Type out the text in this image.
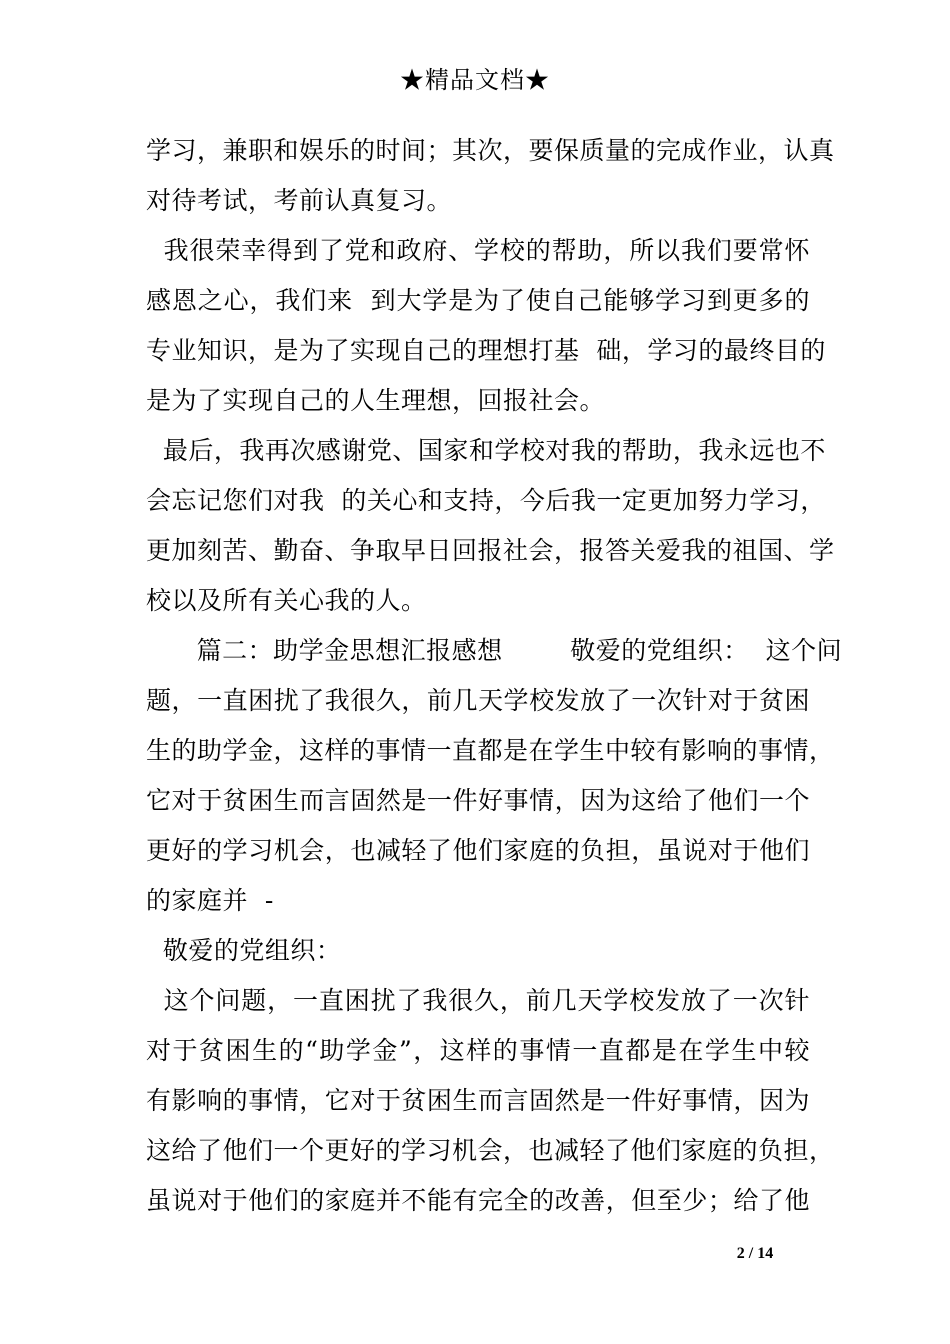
★精品文档★
学习，兼职和娱乐的时间；其次，要保质量的完成作业，认真
对待考试，考前认真复习。
我很荣幸得到了党和政府、学校的帮助，所以我们要常怀
感恩之心，我们来  到大学是为了使自己能够学习到更多的
专业知识，是为了实现自己的理想打基  础，学习的最终目的
是为了实现自己的人生理想，回报社会。
最后，我再次感谢党、国家和学校对我的帮助，我永远也不
会忘记您们对我  的关心和支持，今后我一定更加努力学习，
更加刻苦、勤奋、争取早日回报社会，报答关爱我的祖国、学
校以及所有关心我的人。
篇二：助学金思想汇报感想        敬爱的党组织：  这个问
题，一直困扰了我很久，前几天学校发放了一次针对于贫困
生的助学金，这样的事情一直都是在学生中较有影响的事情，
它对于贫困生而言固然是一件好事情，因为这给了他们一个
更好的学习机会，也减轻了他们家庭的负担，虽说对于他们
的家庭并  -
敬爱的党组织：
这个问题，一直困扰了我很久，前几天学校发放了一次针
对于贫困生的“助学金”，这样的事情一直都是在学生中较
有影响的事情，它对于贫困生而言固然是一件好事情，因为
这给了他们一个更好的学习机会，也减轻了他们家庭的负担，
虽说对于他们的家庭并不能有完全的改善，但至少；给了他
2 / 14
